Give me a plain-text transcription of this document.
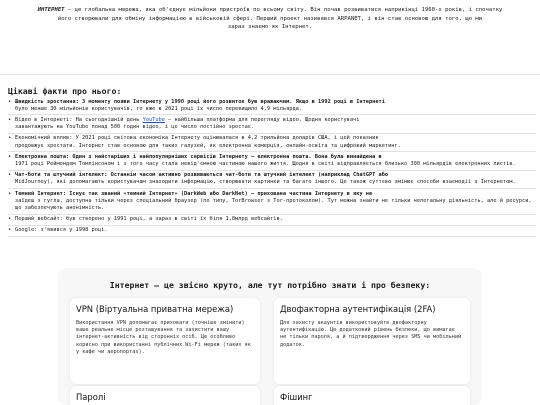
ИНТЕРНЕТ — це глобальна мережа, яка об'єднує мільйони пристроїв по всьому світу. Він почав розвиватися наприкінці 1960-х років, і спочатку
його створювали для обміну інформацією в військовій сфері. Перший проект називався ARPANET, і він став основою для того, що ми
зараз знаємо як Інтернет.
Цікаві факти про нього:
• Швидкість зростання: З моменту появи Інтернету у 1990 році його розвиток був вражаючим. Якщо в 1992 році в Інтернеті
було менше 30 мільйонів користувачів, то вже в 2021 році їх число перевищило 4,9 мільярда.
• Відео в Інтернеті: На сьогоднішній день YouTube — найбільша платформа для перегляду відео. Щодня користувачі
завантажують на YouTube понад 500 годин відео, і це число постійно зростає.
• Економічний вплив: У 2021 році світова економіка Інтернету оцінювалася в 4,2 трильйона доларів США, і цей показник
продовжує зростати. Інтернет став основою для таких галузей, як електронна комерція, онлайн-освіта та цифровий маркетинг.
• Електронна пошта: Один з найстаріших і найпопулярніших сервісів Інтернету — електронна пошта. Вона була винайдена в
1971 році Реймондом Томлінсоном і з того часу стала невід'ємною частиною нашого життя. Щодня в світі відправляється близько 300 мільярдів електронних листів.
• Чат-боти та штучний інтелект: Останнім часом активно розвиваються чат-боти та штучний інтелект (наприклад ChatGPT або
MidJourney), які допомагають користувачам знаходити інформацію, створювати картинки та багато іншого. Це також суттєво змінює способи взаємодії з Інтернетом.
• Темний Інтернет: Існує так званий «темний Інтернет» (DarkWeb або DarkNet) — прихована частина Інтернету в яку не
заїдеш з гугла, доступна тільки через спеціальний браузер (по типу, TorBrowser з Tor-протоколом). Тут можна знайти не тільки нелегальну діяльність, але й ресурси, що забезпечують анонімність.
• Перший вебсайт: був створено у 1991 році, а зараз в світі їх біля 1,8млрд вебсайтів.
• Google: з'явився у 1998 році.
Інтернет — це звісно круто, але тут потрібно знати і про безпеку:
VPN (Віртуальна приватна мережа)

Використання VPN допомагає приховати (точніше змінити) ваше реальне місце розташування та захистити вашу інтернет-активність від сторонніх осіб. Це особливо корисно при використанні публічних Wi-Fi мереж (таких як у кафе чи аеропортах).

Двофакторна аутентифікація (2FA)

Для захисту акаунтів використовуйте двофакторну аутентифікацію. Це додатковий рівень безпеки, що вимагає не тільки пароля, а й підтвердження через SMS чи мобільний додаток.

Паролі	Фішинг
